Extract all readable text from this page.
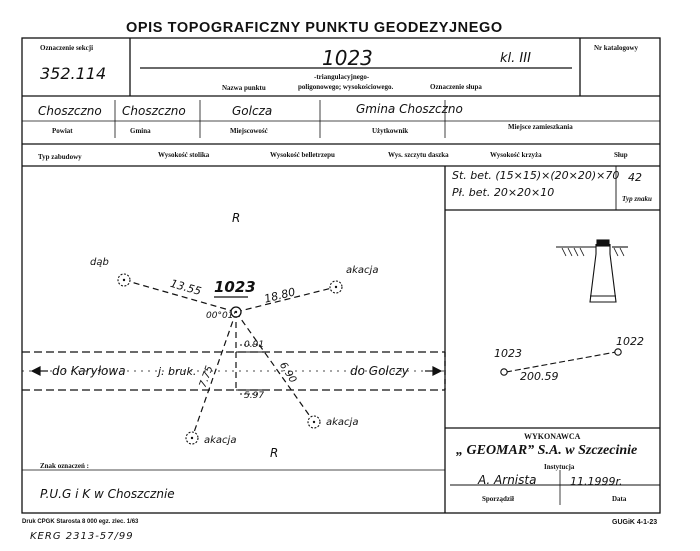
OPIS TOPOGRAFICZNY PUNKTU GEODEZYJNEGO
Oznaczenie sekcji
352.114
1023	kl. III
Nr katalogowy
Nazwa punktu
-triangulacyjnego-
poligonowego; wysokościowego.	Oznaczenie słupa
Choszczno Choszczno	Golcza	Gmina Choszczno
Powiat	Gmina	Miejscowość	Użytkownik	Miejsce zamieszkania
Typ zabudowy	Wysokość stolika	Wysokość belletrzepu	Wys. szczytu daszka	Wysokość krzyża	Słup
St. bet. (15×15)×(20×20)×70
Pł. bet. 20×20×10
42
Typ znaku
R
R
1023
00°01'
13.55	18.80
7.75	6.90
0.91
5.97
dąb
akacja
akacja
akacja
do Karyłowa	j. bruk.	do Golczy
1023
1022
200.59
WYKONAWCA
„ GEOMAR” S.A. w Szczecinie
Instytucja
A. Arnista	11.1999r.
Sporządził	Data
Znak oznaczeń :
P.U.G i K w Choszcznie
Druk CPGK Starosta 8 000 egz. zlec. 1/63	GUGiK 4-1-23
KERG 2313-57/99
